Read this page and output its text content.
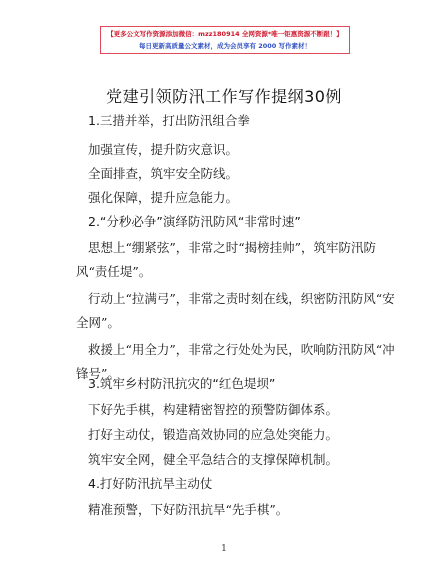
【更多公文写作资源添加微信：mzz180914 全网资源*唯一钜惠资源不断跟！】
每日更新高质量公文素材，成为会员享有 2000 写作素材！
党建引领防汛工作写作提纲30例
1.三措并举，打出防汛组合拳
加强宣传，提升防灾意识。
全面排查，筑牢安全防线。
强化保障，提升应急能力。
2.“分秒必争”演绎防汛防风“非常时速”
思想上“绷紧弦”，非常之时“揭榜挂帅”，筑牢防汛防
风“责任堤”。
行动上“拉满弓”，非常之责时刻在线，织密防汛防风“安
全网”。
救援上“用全力”，非常之行处处为民，吹响防汛防风“冲
锋号”。
3.筑牢乡村防汛抗灾的“红色堤坝”
下好先手棋，构建精密智控的预警防御体系。
打好主动仗，锻造高效协同的应急处突能力。
筑牢安全网，健全平急结合的支撑保障机制。
4.打好防汛抗旱主动仗
精准预警，下好防汛抗旱“先手棋”。
1
